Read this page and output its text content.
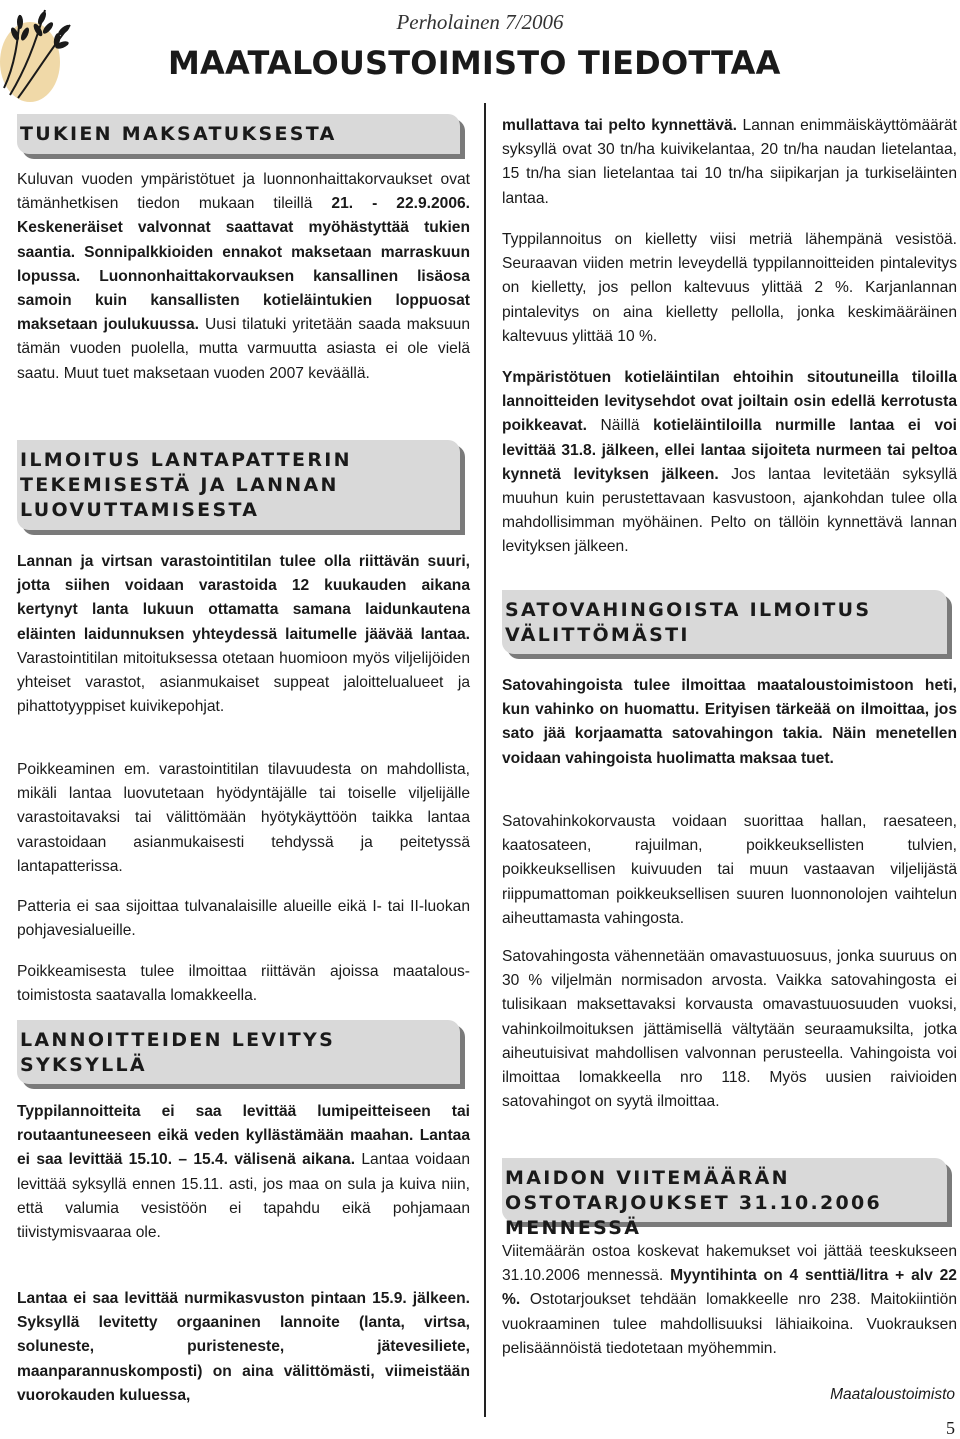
Perholainen 7/2006
MAATALOUSTOIMISTO TIEDOTTAA
TUKIEN MAKSATUKSESTA

Kuluvan vuoden ympäristötuet ja luonnonhaittakorvaukset ovat tämänhetkisen tiedon mukaan tileillä 21. - 22.9.2006. Keskeneräiset valvonnat saattavat myöhästyttää tukien saantia. Sonnipalkkioiden ennakot maksetaan marraskuun lopussa. Luonnonhaittakorvauksen kansallinen lisäosa samoin kuin kansallisten kotieläintukien loppuosat maksetaan joulukuussa. Uusi tilatuki yritetään saada maksuun tämän vuoden puolella, mutta varmuutta asiasta ei ole vielä saatu. Muut tuet maksetaan vuoden 2007 keväällä.

ILMOITUS LANTAPATTERIN TEKEMISESTÄ JA LANNAN LUOVUTTAMISESTA

Lannan ja virtsan varastointitilan tulee olla riittävän suuri, jotta siihen voidaan varastoida 12 kuukauden aikana kertynyt lanta lukuun ottamatta samana laidunkautena eläinten laidunnuksen yhteydessä laitumelle jäävää lantaa. Varastointitilan mitoituksessa otetaan huomioon myös viljelijöiden yhteiset varastot, asianmukaiset suppeat jaloittelualueet ja pihattotyyppiset kuivikepohjat.

Poikkeaminen em. varastointitilan tilavuudesta on mahdollista, mikäli lantaa luovutetaan hyödyntäjälle tai toiselle viljelijälle varastoitavaksi tai välittömään hyötykäyttöön taikka lantaa varastoidaan asianmukaisesti tehdyssä ja peitetyssä lantapatterissa.

Patteria ei saa sijoittaa tulvanalaisille alueille eikä I- tai II-luokan pohjavesialueille.

Poikkeamisesta tulee ilmoittaa riittävän ajoissa maataloustoimistosta saatavalla lomakkeella.

LANNOITTEIDEN LEVITYS SYKSYLLÄ

Typpilannoitteita ei saa levittää lumipeitteiseen tai routaantuneeseen eikä veden kyllästämään maahan. Lantaa ei saa levittää 15.10. – 15.4. välisenä aikana. Lantaa voidaan levittää syksyllä ennen 15.11. asti, jos maa on sula ja kuiva niin, että valumia vesistöön ei tapahdu eikä pohjamaan tiivistymisvaaraa ole.

Lantaa ei saa levittää nurmikasvuston pintaan 15.9. jälkeen. Syksyllä levitetty orgaaninen lannoite (lanta, virtsa, soluneste, puristeneste, jätevesiliete, maanparannuskomposti) on aina välittömästi, viimeistään vuorokauden kuluessa,

mullattava tai pelto kynnettävä. Lannan enimmäiskäyttömäärät syksyllä ovat 30 tn/ha kuivikelantaa, 20 tn/ha naudan lietelantaa, 15 tn/ha sian lietelantaa tai 10 tn/ha siipikarjan ja turkiseläinten lantaa.

Typpilannoitus on kielletty viisi metriä lähempänä vesistöä. Seuraavan viiden metrin leveydellä typpilannoitteiden pintalevitys on kielletty, jos pellon kaltevuus ylittää 2 %. Karjanlannan pintalevitys on aina kielletty pellolla, jonka keskimääräinen kaltevuus ylittää 10 %.

Ympäristötuen kotieläintilan ehtoihin sitoutuneilla tiloilla lannoitteiden levitysehdot ovat joiltain osin edellä kerrotusta poikkeavat. Näillä kotieläintiloilla nurmille lantaa ei voi levittää 31.8. jälkeen, ellei lantaa sijoiteta nurmeen tai peltoa kynnetä levityksen jälkeen. Jos lantaa levitetään syksyllä muuhun kuin perustettavaan kasvustoon, ajankohdan tulee olla mahdollisimman myöhäinen. Pelto on tällöin kynnettävä lannan levityksen jälkeen.

SATOVAHINGOISTA ILMOITUS VÄLITTÖMÄSTI

Satovahingoista tulee ilmoittaa maataloustoimistoon heti, kun vahinko on huomattu. Erityisen tärkeää on ilmoittaa, jos sato jää korjaamatta satovahingon takia. Näin menetellen voidaan vahingoista huolimatta maksaa tuet.

Satovahinkokorvausta voidaan suorittaa hallan, raesateen, kaatosateen, rajuilman, poikkeuksellisten tulvien, poikkeuksellisen kuivuuden tai muun vastaavan viljelijästä riippumattoman poikkeuksellisen suuren luonnonolojen vaihtelun aiheuttamasta vahingosta.

Satovahingosta vähennetään omavastuuosuus, jonka suuruus on 30 % viljelmän normisadon arvosta. Vaikka satovahingosta ei tulisikaan maksettavaksi korvausta omavastuuosuuden vuoksi, vahinkoilmoituksen jättämisellä vältytään seuraamuksilta, jotka aiheutuisivat mahdollisen valvonnan perusteella. Vahingoista voi ilmoittaa lomakkeella nro 118. Myös uusien raivioiden satovahingot on syytä ilmoittaa.

MAIDON VIITEMÄÄRÄN OSTOTARJOUKSET 31.10.2006 MENNESSÄ

Viitemäärän ostoa koskevat hakemukset voi jättää teeskukseen 31.10.2006 mennessä. Myyntihinta on 4 senttiä/litra + alv 22 %. Ostotarjoukset tehdään lomakkeelle nro 238. Maitokiintiön vuokraaminen tulee mahdollisuuksi lähiaikoina. Vuokrauksen pelisäännöistä tiedotetaan myöhemmin.

Maataloustoimisto
5
